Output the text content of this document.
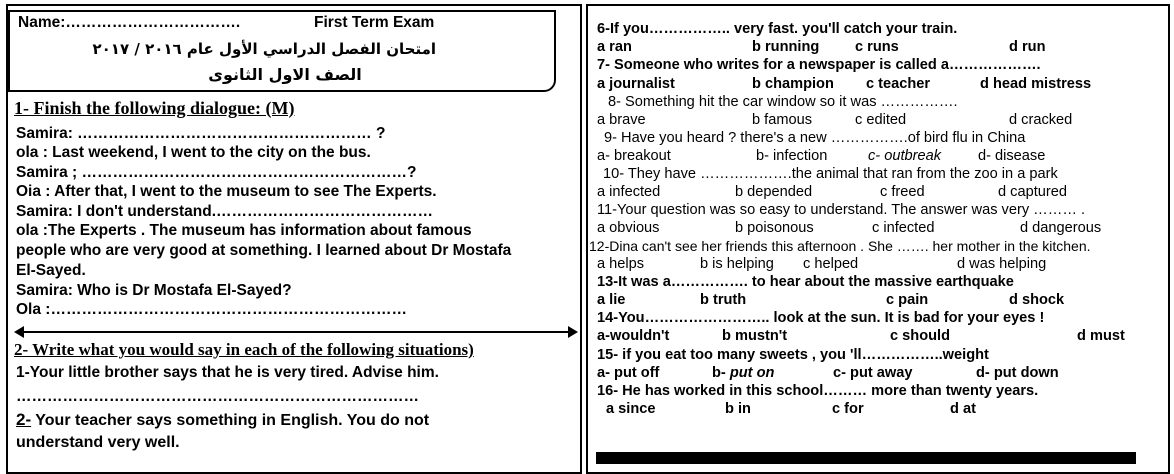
Name:…………………………….	First Term Exam
امتحان الفصل الدراسي الأول عام ٢٠١٦ / ٢٠١٧
الصف الاول الثانوى
1- Finish the following dialogue: (M)
Samira: ………………………………………………… ?
ola : Last weekend, I went to the city on the bus.
Samira ; ………………………………………………………?
Oia : After that, I went to the museum to see The Experts.
Samira: I don't understand.……………………………………
ola :The Experts . The museum has information about famous
people who are very good at something. I learned about Dr Mostafa
El-Sayed.
Samira: Who is Dr Mostafa El-Sayed?
Ola :……………………………………………………………
2- Write what you would say in each of the following situations)
1-Your little brother says that he is very tired. Advise him.
……………………………………………………………………
2- Your teacher says something in English. You do not
understand very well.
6-If you…………….. very fast. you'll catch your train.
a ran	b running c runs	d run
7- Someone who writes for a newspaper is called a……………….
a journalist	b champion c teacher	d head mistress
8- Something hit the car window so it was …………….
a brave	b famous	c edited	d cracked
9- Have you heard ? there's a new …………….of bird flu in China
a- breakout	b- infection	c- outbreak	d- disease
10- They have ……………….the animal that ran from the zoo in a park
a infected	b depended	c freed	d captured
11-Your question was so easy to understand. The answer was very ……… .
a obvious	b poisonous	c infected	d dangerous
12-Dina can't see her friends this afternoon . She ……. her mother in the kitchen.
a helps	b is helping c helped	d was helping
13-It was a……………. to hear about the massive earthquake
a lie	b truth	c pain	d shock
14-You…………………….. look at the sun. It is bad for your eyes !
a-wouldn't	b mustn't	c should	d must
15- if you eat too many sweets , you 'll……………..weight
a- put off	b- put on	c- put away	d- put down
16- He has worked in this school……… more than twenty years.
a since	b in	c for	d at
